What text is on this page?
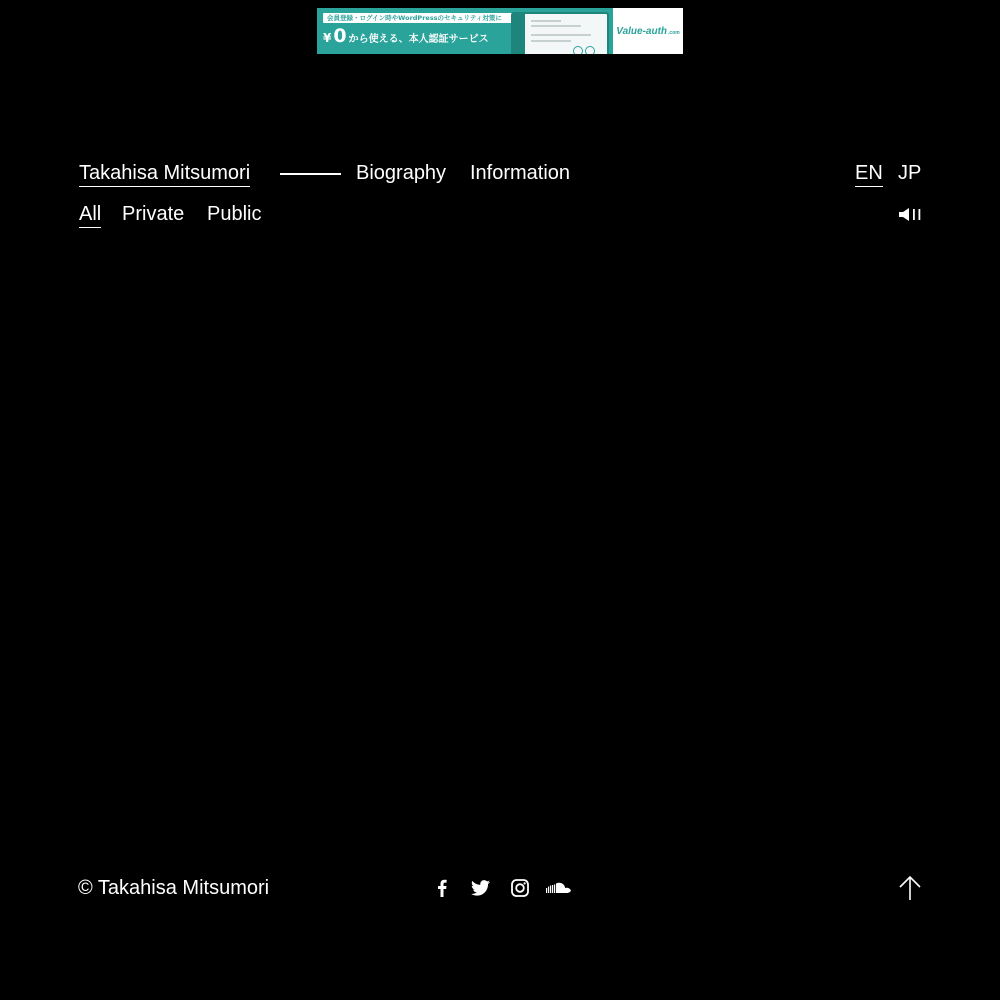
会員登録・ログイン時やWordPressのセキュリティ対策に
¥ 0 から使える、本人認証サービス
Value-auth .com
Takahisa Mitsumori	Biography Information	EN JP
All Private Public
© Takahisa Mitsumori
